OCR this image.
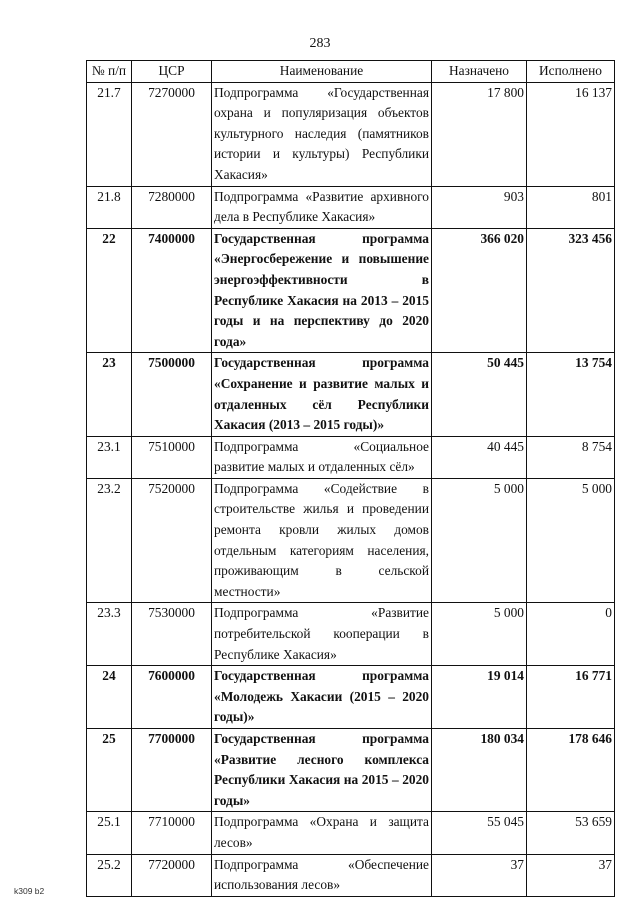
283
№ п/п	ЦСР	Наименование	Назначено	Исполнено
21.7	7270000	Подпрограмма «Государственная охрана и популяризация объектов культурного наследия (памятников истории и культуры) Республики Хакасия»	17 800	16 137
21.8	7280000	Подпрограмма «Развитие архивного дела в Республике Хакасия»	903	801
22	7400000	Государственная программа «Энергосбережение и повышение энергоэффективности в Республике Хакасия на 2013 – 2015 годы и на перспективу до 2020 года»	366 020	323 456
23	7500000	Государственная программа «Сохранение и развитие малых и отдаленных сёл Республики Хакасия (2013 – 2015 годы)»	50 445	13 754
23.1	7510000	Подпрограмма «Социальное развитие малых и отдаленных сёл»	40 445	8 754
23.2	7520000	Подпрограмма «Содействие в строительстве жилья и проведении ремонта кровли жилых домов отдельным категориям населения, проживающим в сельской местности»	5 000	5 000
23.3	7530000	Подпрограмма «Развитие потребительской кооперации в Республике Хакасия»	5 000	0
24	7600000	Государственная программа «Молодежь Хакасии (2015 – 2020 годы)»	19 014	16 771
25	7700000	Государственная программа «Развитие лесного комплекса Республики Хакасия на 2015 – 2020 годы»	180 034	178 646
25.1	7710000	Подпрограмма «Охрана и защита лесов»	55 045	53 659
25.2	7720000	Подпрограмма «Обеспечение использования лесов»	37	37
k309 b2
